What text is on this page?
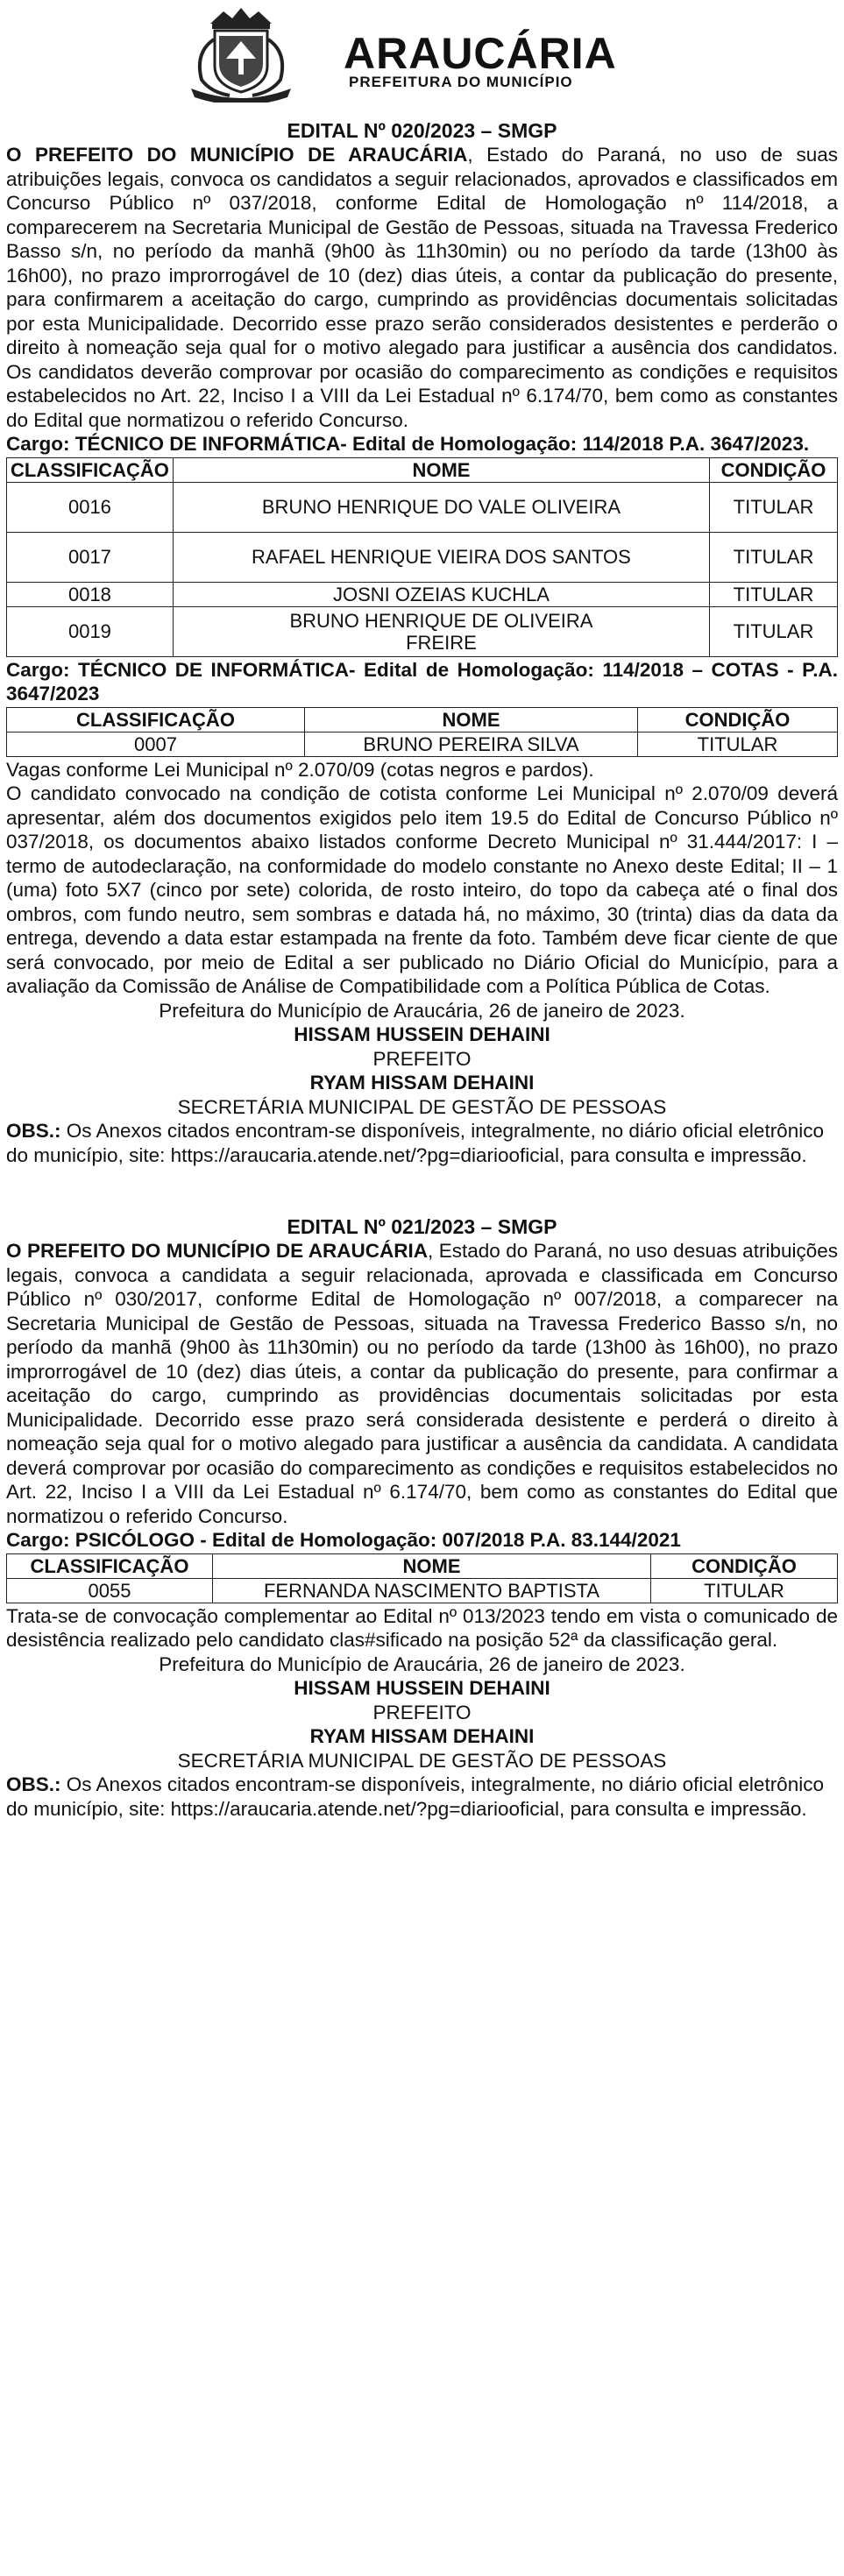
ARAUCÁRIA
PREFEITURA DO MUNICÍPIO
EDITAL Nº 020/2023 – SMGP

O PREFEITO DO MUNICÍPIO DE ARAUCÁRIA, Estado do Paraná, no uso de suas atribuições legais, convoca os candidatos a seguir relacionados, aprovados e classificados em Concurso Público nº 037/2018, conforme Edital de Homologação nº 114/2018, a comparecerem na Secretaria Municipal de Gestão de Pessoas, situada na Travessa Frederico Basso s/n, no período da manhã (9h00 às 11h30min) ou no período da tarde (13h00 às 16h00), no prazo improrrogável de 10 (dez) dias úteis, a contar da publicação do presente, para confirmarem a aceitação do cargo, cumprindo as providências documentais solicitadas por esta Municipalidade. Decorrido esse prazo serão considerados desistentes e perderão o direito à nomeação seja qual for o motivo alegado para justificar a ausência dos candidatos. Os candidatos deverão comprovar por ocasião do comparecimento as condições e requisitos estabelecidos no Art. 22, Inciso I a VIII da Lei Estadual nº 6.174/70, bem como as constantes do Edital que normatizou o referido Concurso.

Cargo: TÉCNICO DE INFORMÁTICA- Edital de Homologação: 114/2018 P.A. 3647/2023.

CLASSIFICAÇÃO	NOME	CONDIÇÃO
0016	BRUNO HENRIQUE DO VALE OLIVEIRA	TITULAR
0017	RAFAEL HENRIQUE VIEIRA DOS SANTOS	TITULAR
0018	JOSNI OZEIAS KUCHLA	TITULAR
0019	BRUNO HENRIQUE DE OLIVEIRA FREIRE	TITULAR

Cargo: TÉCNICO DE INFORMÁTICA- Edital de Homologação: 114/2018 – COTAS - P.A. 3647/2023

CLASSIFICAÇÃO	NOME	CONDIÇÃO
0007	BRUNO PEREIRA SILVA	TITULAR

Vagas conforme Lei Municipal nº 2.070/09 (cotas negros e pardos).

O candidato convocado na condição de cotista conforme Lei Municipal nº 2.070/09 deverá apresentar, além dos documentos exigidos pelo item 19.5 do Edital de Concurso Público nº 037/2018, os documentos abaixo listados conforme Decreto Municipal nº 31.444/2017: I – termo de autodeclaração, na conformidade do modelo constante no Anexo deste Edital; II – 1 (uma) foto 5X7 (cinco por sete) colorida, de rosto inteiro, do topo da cabeça até o final dos ombros, com fundo neutro, sem sombras e datada há, no máximo, 30 (trinta) dias da data da entrega, devendo a data estar estampada na frente da foto. Também deve ficar ciente de que será convocado, por meio de Edital a ser publicado no Diário Oficial do Município, para a avaliação da Comissão de Análise de Compatibilidade com a Política Pública de Cotas.

Prefeitura do Município de Araucária, 26 de janeiro de 2023.
HISSAM HUSSEIN DEHAINI
PREFEITO
RYAM HISSAM DEHAINI
SECRETÁRIA MUNICIPAL DE GESTÃO DE PESSOAS

OBS.: Os Anexos citados encontram-se disponíveis, integralmente, no diário oficial eletrônico do município, site: https://araucaria.atende.net/?pg=diariooficial, para consulta e impressão.

EDITAL Nº 021/2023 – SMGP

O PREFEITO DO MUNICÍPIO DE ARAUCÁRIA, Estado do Paraná, no uso desuas atribuições legais, convoca a candidata a seguir relacionada, aprovada e classificada em Concurso Público nº 030/2017, conforme Edital de Homologação nº 007/2018, a comparecer na Secretaria Municipal de Gestão de Pessoas, situada na Travessa Frederico Basso s/n, no período da manhã (9h00 às 11h30min) ou no período da tarde (13h00 às 16h00), no prazo improrrogável de 10 (dez) dias úteis, a contar da publicação do presente, para confirmar a aceitação do cargo, cumprindo as providências documentais solicitadas por esta Municipalidade. Decorrido esse prazo será considerada desistente e perderá o direito à nomeação seja qual for o motivo alegado para justificar a ausência da candidata. A candidata deverá comprovar por ocasião do comparecimento as condições e requisitos estabelecidos no Art. 22, Inciso I a VIII da Lei Estadual nº 6.174/70, bem como as constantes do Edital que normatizou o referido Concurso.

Cargo: PSICÓLOGO - Edital de Homologação: 007/2018 P.A. 83.144/2021

CLASSIFICAÇÃO	NOME	CONDIÇÃO
0055	FERNANDA NASCIMENTO BAPTISTA	TITULAR

Trata-se de convocação complementar ao Edital nº 013/2023 tendo em vista o comunicado de desistência realizado pelo candidato clas#sificado na posição 52ª da classificação geral.

Prefeitura do Município de Araucária, 26 de janeiro de 2023.
HISSAM HUSSEIN DEHAINI
PREFEITO
RYAM HISSAM DEHAINI
SECRETÁRIA MUNICIPAL DE GESTÃO DE PESSOAS

OBS.: Os Anexos citados encontram-se disponíveis, integralmente, no diário oficial eletrônico do município, site: https://araucaria.atende.net/?pg=diariooficial, para consulta e impressão.
